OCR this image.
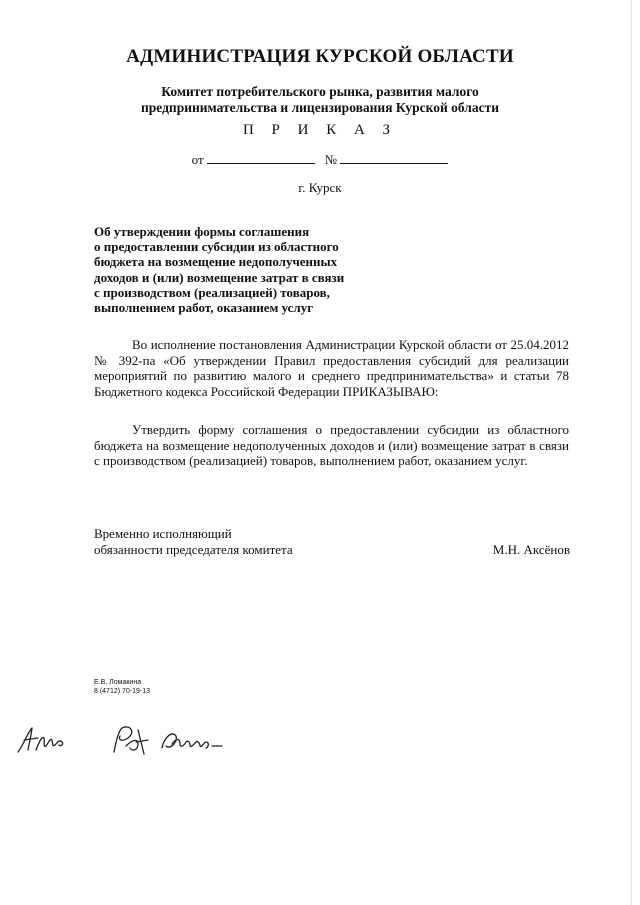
АДМИНИСТРАЦИЯ КУРСКОЙ ОБЛАСТИ
Комитет потребительского рынка, развития малого
предпринимательства и лицензирования Курской области
П Р И К А З
от	№
г. Курск
Об утверждении формы соглашения
о предоставлении субсидии из областного
бюджета на возмещение недополученных
доходов и (или) возмещение затрат в связи
с производством (реализацией) товаров,
выполнением работ, оказанием услуг
Во исполнение постановления Администрации Курской области от 25.04.2012 № 392-па «Об утверждении Правил предоставления субсидий для реализации мероприятий по развитию малого и среднего предпринимательства» и статьи 78 Бюджетного кодекса Российской Федерации ПРИКАЗЫВАЮ:
Утвердить форму соглашения о предоставлении субсидии из областного бюджета на возмещение недополученных доходов и (или) возмещение затрат в связи с производством (реализацией) товаров, выполнением работ, оказанием услуг.
Временно исполняющий
обязанности председателя комитета	М.Н. Аксёнов
Е.В. Ломакина
8 (4712) 70-19-13
